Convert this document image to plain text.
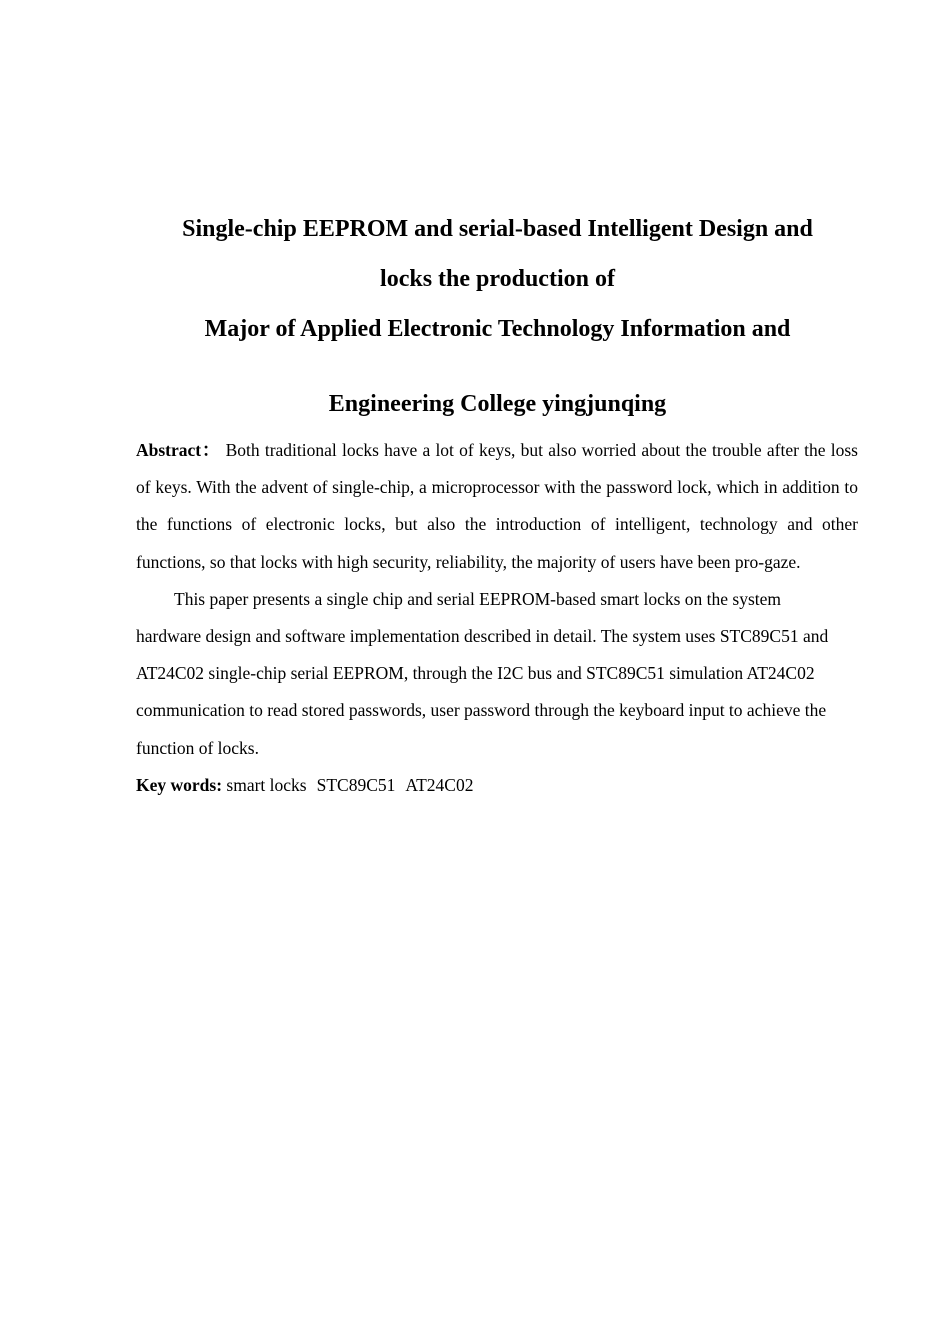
Single-chip EEPROM and serial-based Intelligent Design and
locks the production of
Major of Applied Electronic Technology Information and
Engineering College yingjunqing

Abstract： Both traditional locks have a lot of keys, but also worried about the trouble after the loss of keys. With the advent of single-chip, a microprocessor with the password lock, which in addition to the functions of electronic locks, but also the introduction of intelligent, technology and other functions, so that locks with high security, reliability, the majority of users have been pro-gaze.

This paper presents a single chip and serial EEPROM-based smart locks on the system hardware design and software implementation described in detail. The system uses STC89C51 and AT24C02 single-chip serial EEPROM, through the I2C bus and STC89C51 simulation AT24C02 communication to read stored passwords, user password through the keyboard input to achieve the function of locks.

Key words: smart locks STC89C51 AT24C02
